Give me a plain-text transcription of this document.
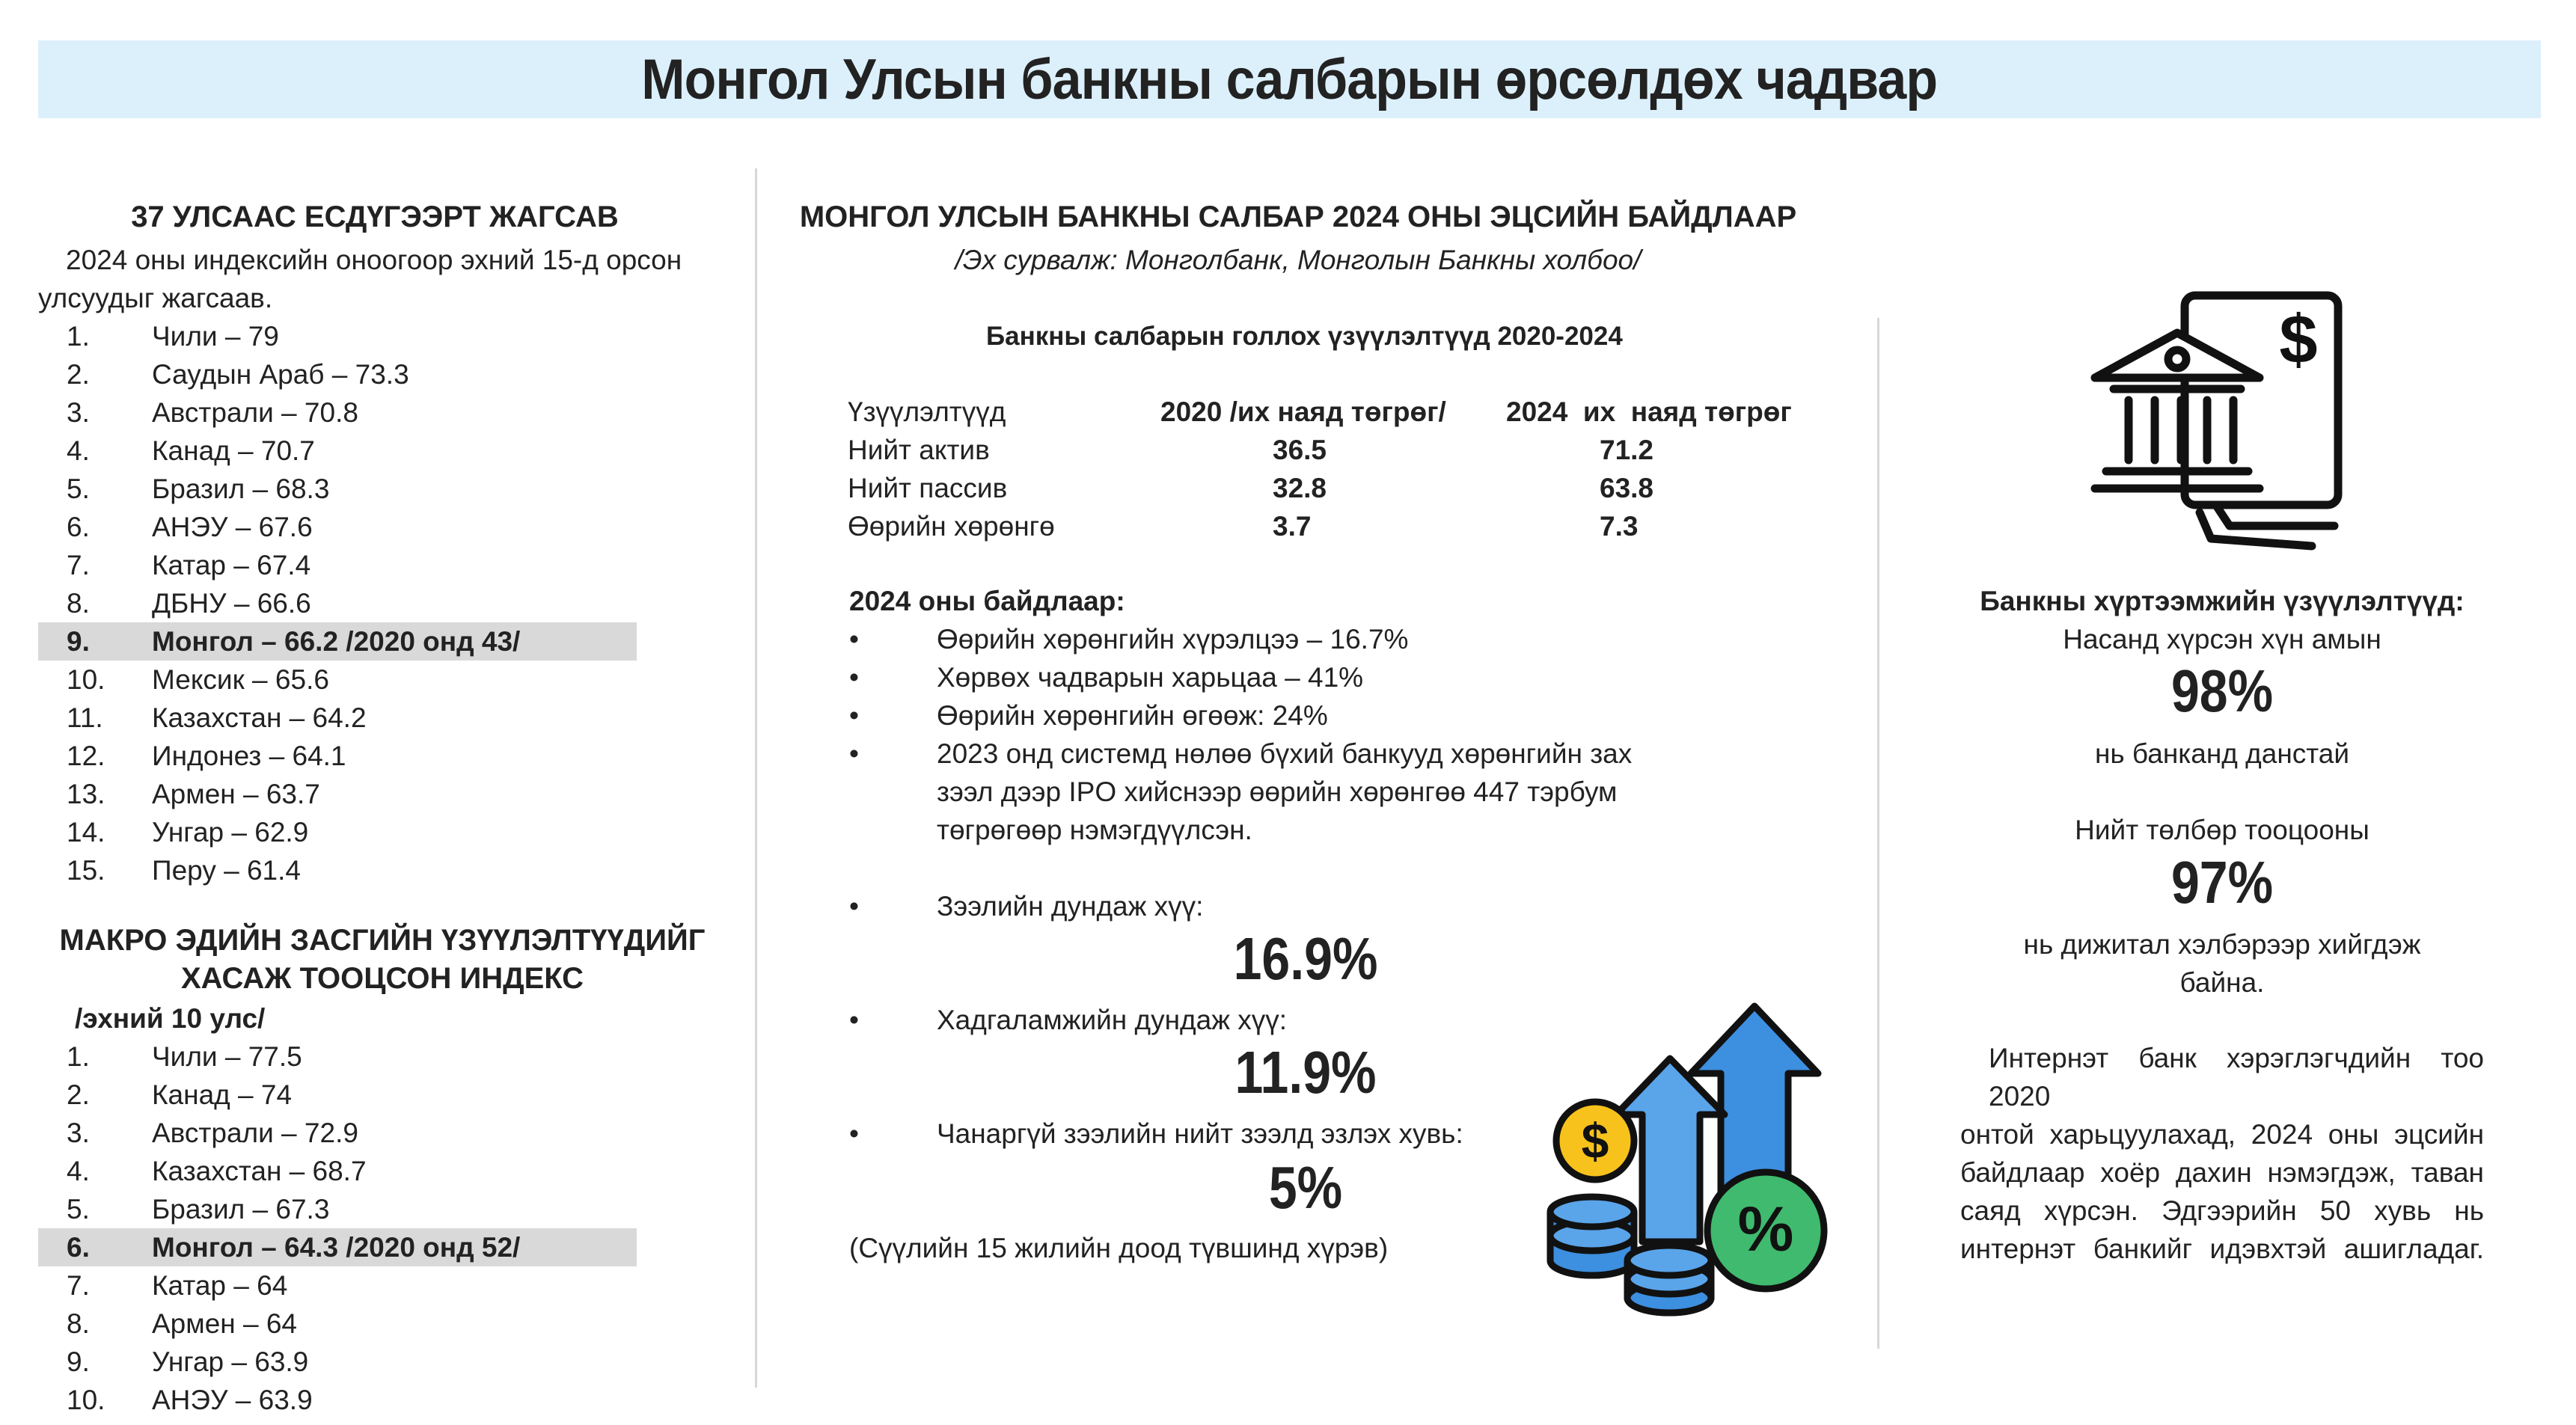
Монгол Улсын банкны салбарын өрсөлдөх чадвар
37 УЛСААС ЕСДҮГЭЭРТ ЖАГСАВ
2024 оны индексийн оноогоор эхний 15-д орсон
улсуудыг жагсаав.
1. Чили – 79
2. Саудын Араб – 73.3
3. Австрали – 70.8
4. Канад – 70.7
5. Бразил – 68.3
6. АНЭУ – 67.6
7. Катар – 67.4
8. ДБНУ – 66.6
9. Монгол – 66.2 /2020 онд 43/
10. Мексик – 65.6
11. Казахстан – 64.2
12. Индонез – 64.1
13. Армен – 63.7
14. Унгар – 62.9
15. Перу – 61.4
МАКРО ЭДИЙН ЗАСГИЙН ҮЗҮҮЛЭЛТҮҮДИЙГ
ХАСАЖ ТООЦСОН ИНДЕКС
/эхний 10 улс/
1. Чили – 77.5
2. Канад – 74
3. Австрали – 72.9
4. Казахстан – 68.7
5. Бразил – 67.3
6. Монгол – 64.3 /2020 онд 52/
7. Катар – 64
8. Армен – 64
9. Унгар – 63.9
10. АНЭУ – 63.9
МОНГОЛ УЛСЫН БАНКНЫ САЛБАР 2024 ОНЫ ЭЦСИЙН БАЙДЛААР
/Эх сурвалж: Монголбанк, Монголын Банкны холбоо/
Банкны салбарын голлох үзүүлэлтүүд 2020-2024
Үзүүлэлтүүд	2020 /их наяд төгрөг/	2024  их  наяд төгрөг
Нийт актив	36.5	71.2
Нийт пассив	32.8	63.8
Өөрийн хөрөнгө	3.7	7.3
2024 оны байдлаар:
•	Өөрийн хөрөнгийн хүрэлцээ – 16.7%
•	Хөрвөх чадварын харьцаа – 41%
•	Өөрийн хөрөнгийн өгөөж: 24%
•	2023 онд системд нөлөө бүхий банкууд хөрөнгийн зах
зээл дээр IPO хийснээр өөрийн хөрөнгөө 447 тэрбум
төгрөгөөр нэмэгдүүлсэн.
•	Зээлийн дундаж хүү:
16.9%
•	Хадгаламжийн дундаж хүү:
11.9%
•	Чанаргүй зээлийн нийт зээлд эзлэх хувь:
5%
(Сүүлийн 15 жилийн доод түвшинд хүрэв)
$
%
$
Банкны хүртээмжийн үзүүлэлтүүд:
Насанд хүрсэн хүн амын
98%
нь банканд данстай
Нийт төлбөр тооцооны
97%
нь дижитал хэлбэрээр хийгдэж
байна.
Интернэт банк хэрэглэгчдийн тоо 2020
онтой харьцуулахад, 2024 оны эцсийн
байдлаар хоёр дахин нэмэгдэж, таван
саяд хүрсэн. Эдгээрийн 50 хувь нь
интернэт банкийг идэвхтэй ашигладаг.
